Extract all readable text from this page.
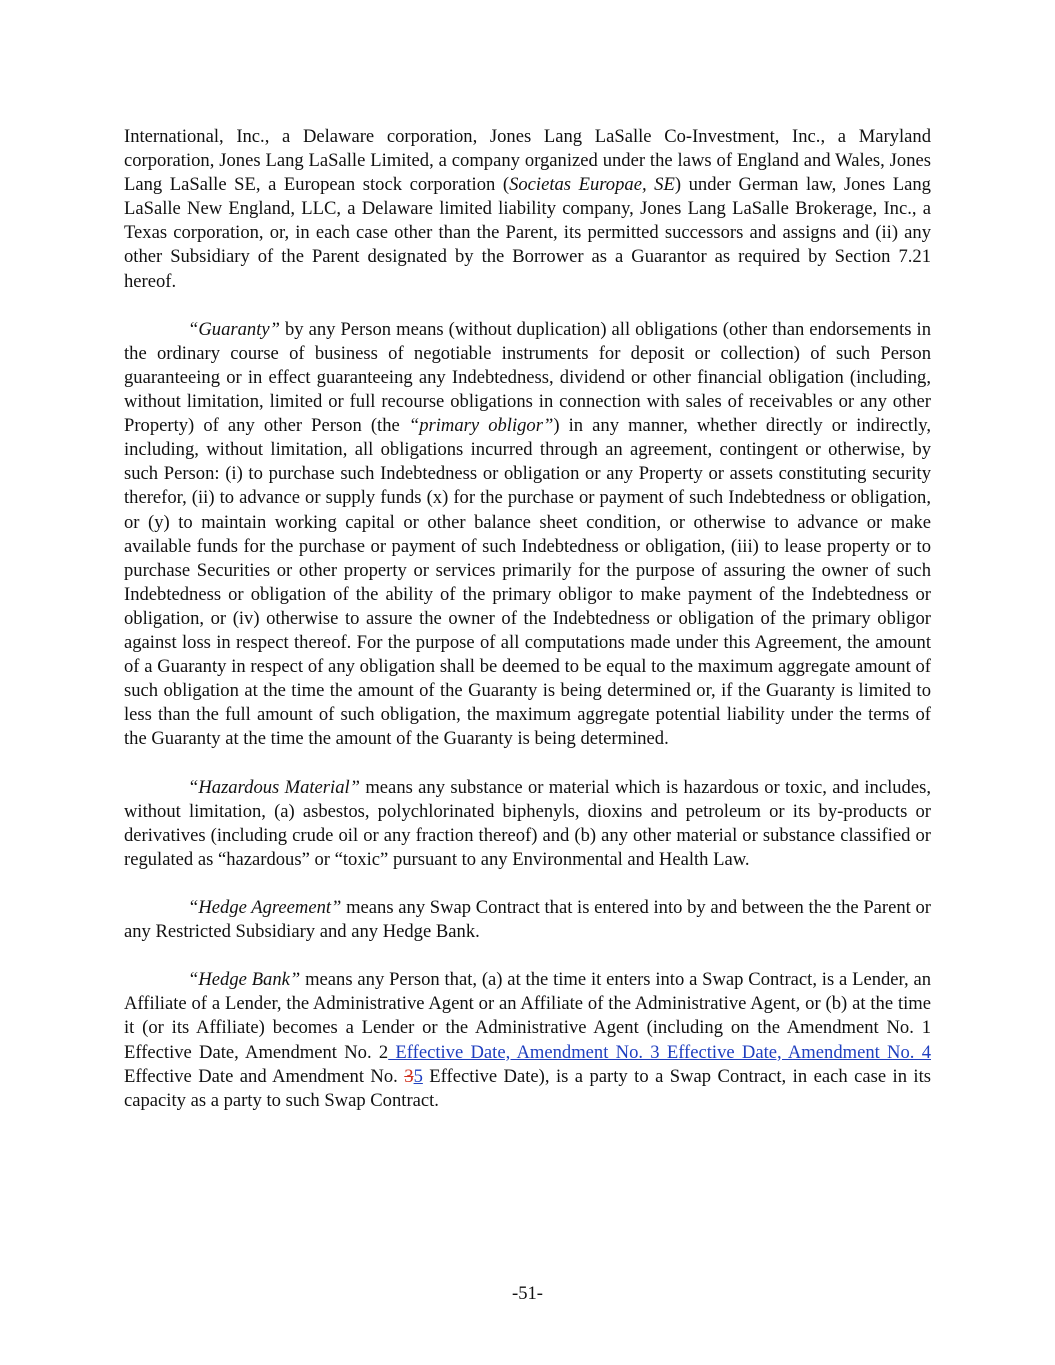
International, Inc., a Delaware corporation, Jones Lang LaSalle Co-Investment, Inc., a Maryland corporation, Jones Lang LaSalle Limited, a company organized under the laws of England and Wales, Jones Lang LaSalle SE, a European stock corporation (Societas Europae, SE) under German law, Jones Lang LaSalle New England, LLC, a Delaware limited liability company, Jones Lang LaSalle Brokerage, Inc., a Texas corporation, or, in each case other than the Parent, its permitted successors and assigns and (ii) any other Subsidiary of the Parent designated by the Borrower as a Guarantor as required by Section 7.21 hereof.

“Guaranty” by any Person means (without duplication) all obligations (other than endorsements in the ordinary course of business of negotiable instruments for deposit or collection) of such Person guaranteeing or in effect guaranteeing any Indebtedness, dividend or other financial obligation (including, without limitation, limited or full recourse obligations in connection with sales of receivables or any other Property) of any other Person (the “primary obligor”) in any manner, whether directly or indirectly, including, without limitation, all obligations incurred through an agreement, contingent or otherwise, by such Person: (i) to purchase such Indebtedness or obligation or any Property or assets constituting security therefor, (ii) to advance or supply funds (x) for the purchase or payment of such Indebtedness or obligation, or (y) to maintain working capital or other balance sheet condition, or otherwise to advance or make available funds for the purchase or payment of such Indebtedness or obligation, (iii) to lease property or to purchase Securities or other property or services primarily for the purpose of assuring the owner of such Indebtedness or obligation of the ability of the primary obligor to make payment of the Indebtedness or obligation, or (iv) otherwise to assure the owner of the Indebtedness or obligation of the primary obligor against loss in respect thereof. For the purpose of all computations made under this Agreement, the amount of a Guaranty in respect of any obligation shall be deemed to be equal to the maximum aggregate amount of such obligation at the time the amount of the Guaranty is being determined or, if the Guaranty is limited to less than the full amount of such obligation, the maximum aggregate potential liability under the terms of the Guaranty at the time the amount of the Guaranty is being determined.

“Hazardous Material” means any substance or material which is hazardous or toxic, and includes, without limitation, (a) asbestos, polychlorinated biphenyls, dioxins and petroleum or its by-products or derivatives (including crude oil or any fraction thereof) and (b) any other material or substance classified or regulated as “hazardous” or “toxic” pursuant to any Environmental and Health Law.

“Hedge Agreement” means any Swap Contract that is entered into by and between the the Parent or any Restricted Subsidiary and any Hedge Bank.

“Hedge Bank” means any Person that, (a) at the time it enters into a Swap Contract, is a Lender, an Affiliate of a Lender, the Administrative Agent or an Affiliate of the Administrative Agent, or (b) at the time it (or its Affiliate) becomes a Lender or the Administrative Agent (including on the Amendment No. 1 Effective Date, Amendment No. 2 Effective Date, Amendment No. 3 Effective Date, Amendment No. 4 Effective Date and Amendment No. 35 Effective Date), is a party to a Swap Contract, in each case in its capacity as a party to such Swap Contract.

-51-
